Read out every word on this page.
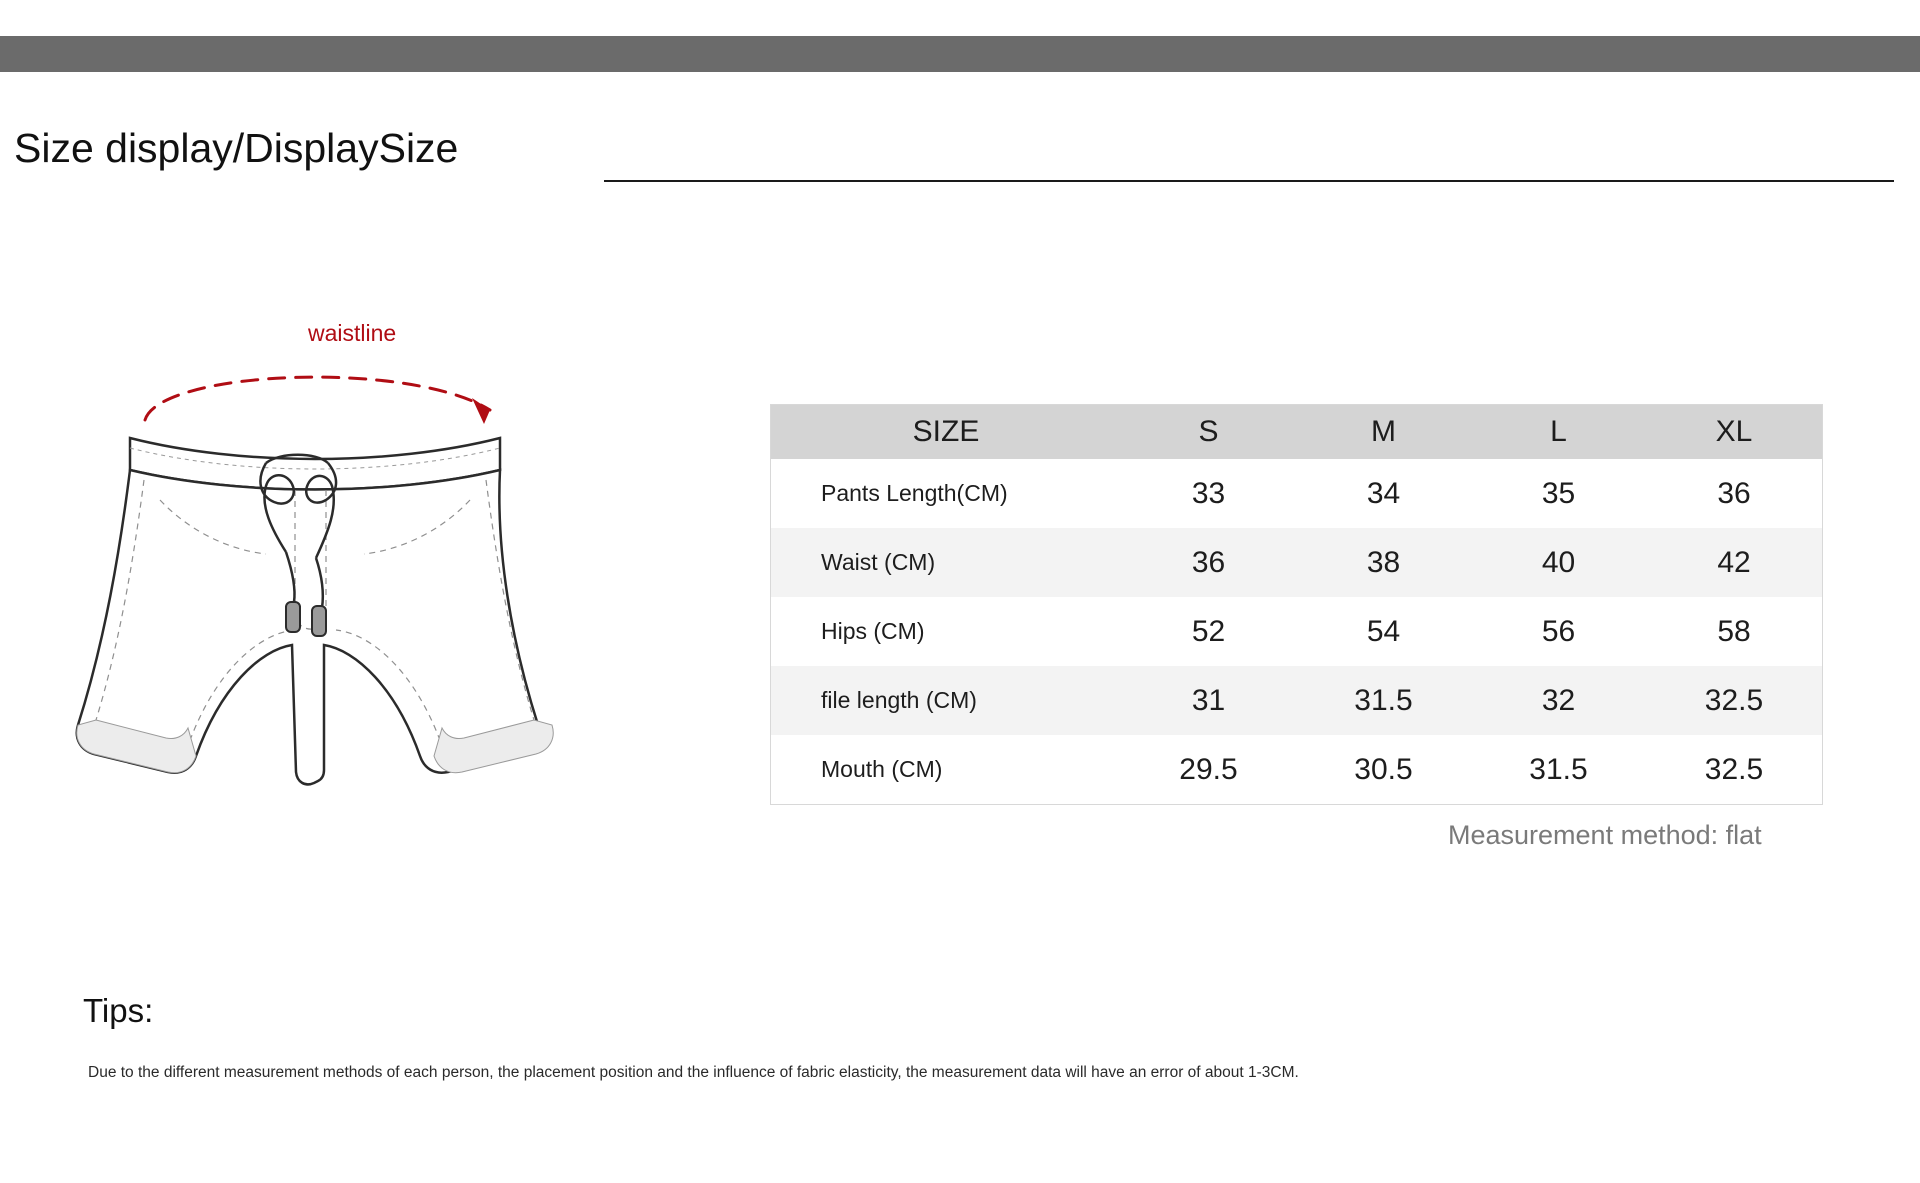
Size display/DisplaySize
waistline
SIZE	S	M	L	XL
Pants Length(CM)	33	34	35	36
Waist (CM)	36	38	40	42
Hips (CM)	52	54	56	58
file length (CM)	31	31.5	32	32.5
Mouth (CM)	29.5	30.5	31.5	32.5
Measurement method: flat
Tips:
Due to the different measurement methods of each person, the placement position and the influence of fabric elasticity, the measurement data will have an error of about 1-3CM.
